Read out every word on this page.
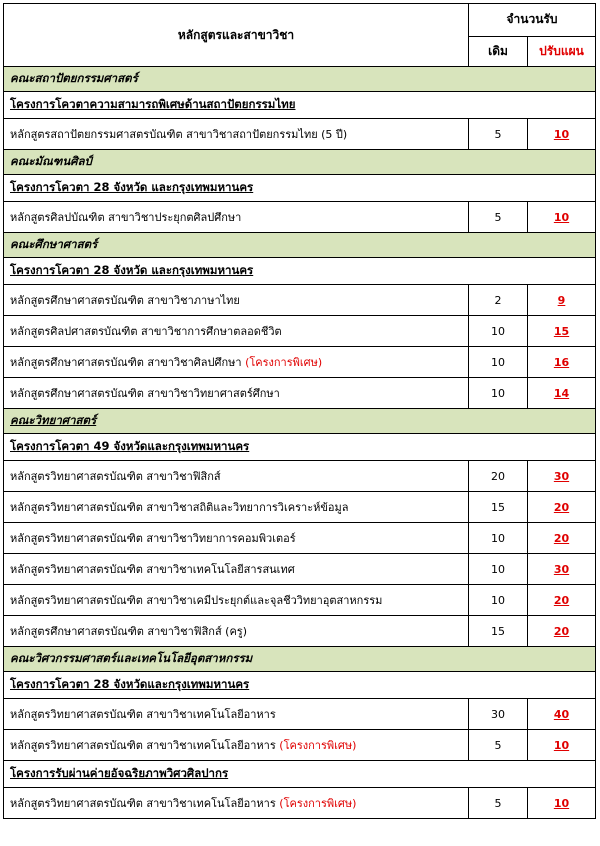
หลักสูตรและสาขาวิชา	จำนวนรับ	
	เดิม	ปรับแผน
คณะสถาปัตยกรรมศาสตร์		
โครงการโควตาความสามารถพิเศษด้านสถาปัตยกรรมไทย		
หลักสูตรสถาปัตยกรรมศาสตรบัณฑิต สาขาวิชาสถาปัตยกรรมไทย (5 ปี)	5	10
คณะมัณฑนศิลป์		
โครงการโควตา 28 จังหวัด และกรุงเทพมหานคร		
หลักสูตรศิลปบัณฑิต สาขาวิชาประยุกตศิลปศึกษา	5	10
คณะศึกษาศาสตร์		
โครงการโควตา 28 จังหวัด และกรุงเทพมหานคร		
หลักสูตรศึกษาศาสตรบัณฑิต สาขาวิชาภาษาไทย	2	9
หลักสูตรศิลปศาสตรบัณฑิต สาขาวิชาการศึกษาตลอดชีวิต	10	15
หลักสูตรศึกษาศาสตรบัณฑิต สาขาวิชาศิลปศึกษา (โครงการพิเศษ)	10	16
หลักสูตรศึกษาศาสตรบัณฑิต สาขาวิชาวิทยาศาสตร์ศึกษา	10	14
คณะวิทยาศาสตร์		
โครงการโควตา 49 จังหวัดและกรุงเทพมหานคร		
หลักสูตรวิทยาศาสตรบัณฑิต สาขาวิชาฟิสิกส์	20	30
หลักสูตรวิทยาศาสตรบัณฑิต สาขาวิชาสถิติและวิทยาการวิเคราะห์ข้อมูล	15	20
หลักสูตรวิทยาศาสตรบัณฑิต สาขาวิชาวิทยาการคอมพิวเตอร์	10	20
หลักสูตรวิทยาศาสตรบัณฑิต สาขาวิชาเทคโนโลยีสารสนเทศ	10	30
หลักสูตรวิทยาศาสตรบัณฑิต สาขาวิชาเคมีประยุกต์และจุลชีววิทยาอุตสาหกรรม	10	20
หลักสูตรศึกษาศาสตรบัณฑิต สาขาวิชาฟิสิกส์ (ครู)	15	20
คณะวิศวกรรมศาสตร์และเทคโนโลยีอุตสาหกรรม		
โครงการโควตา 28 จังหวัดและกรุงเทพมหานคร		
หลักสูตรวิทยาศาสตรบัณฑิต สาขาวิชาเทคโนโลยีอาหาร	30	40
หลักสูตรวิทยาศาสตรบัณฑิต สาขาวิชาเทคโนโลยีอาหาร (โครงการพิเศษ)	5	10
โครงการรับผ่านค่ายอัจฉริยภาพวิศวศิลปากร		
หลักสูตรวิทยาศาสตรบัณฑิต สาขาวิชาเทคโนโลยีอาหาร (โครงการพิเศษ)	5	10
